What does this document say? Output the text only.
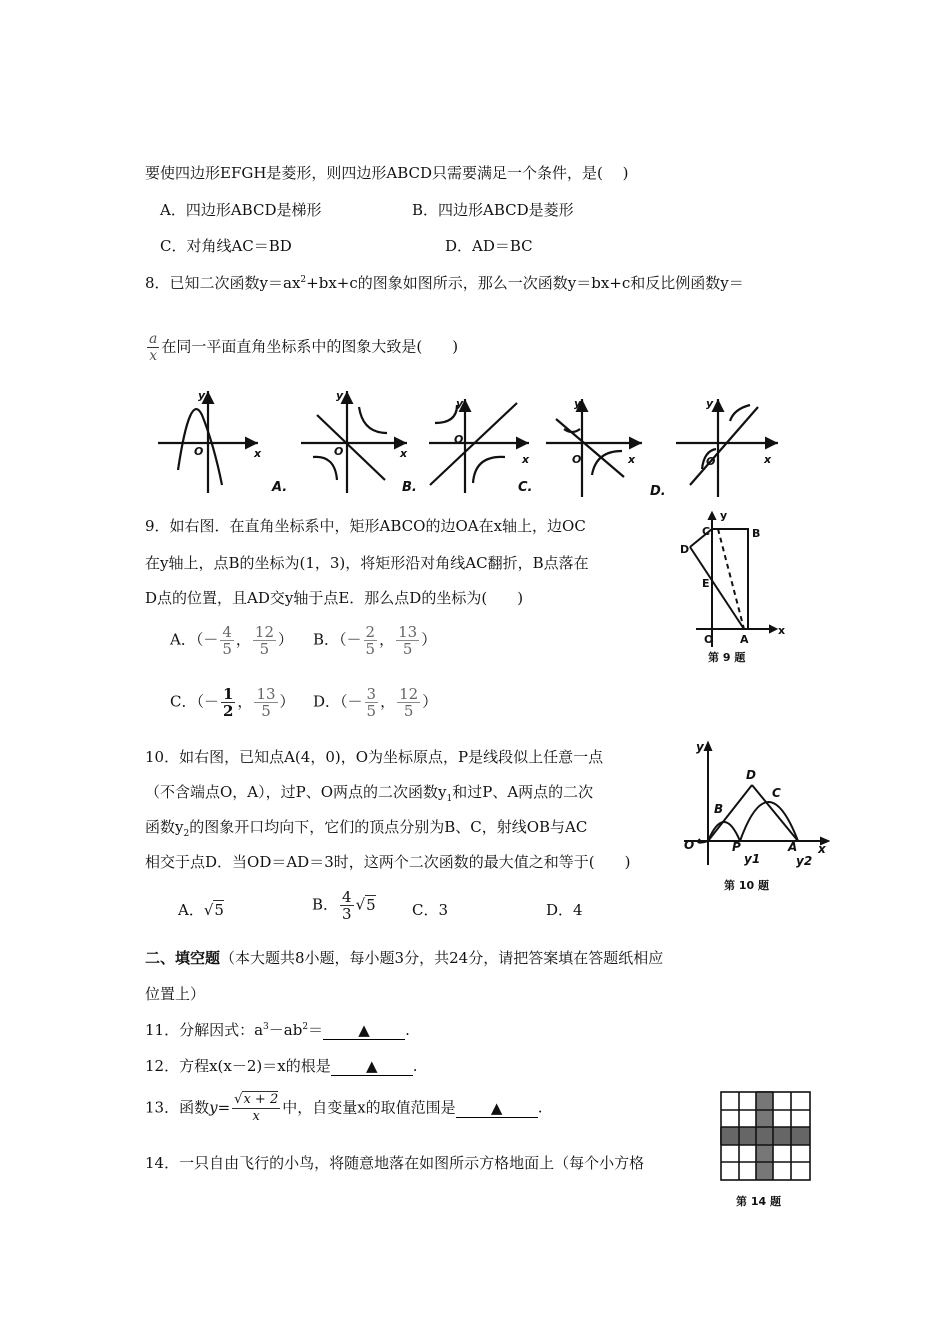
要使四边形EFGH是菱形，则四边形ABCD只需要满足一个条件，是(　 )
A．四边形ABCD是梯形	B．四边形ABCD是菱形
C．对角线AC＝BD	D．AD＝BC
8．已知二次函数$y=ax^2+bx+c$的图象如图所示，那么一次函数y＝bx+c和反比例函数y＝
$\frac{a}{x}$ 在同一平面直角坐标系中的图象大致是(　　)
y
x
O
A.
y
x
O
B.
y
x
O
C.
y
x
O
y
x
O
D.
9．如右图．在直角坐标系中，矩形ABCO的边OA在x轴上，边OC
在y轴上，点B的坐标为(1，3)，将矩形沿对角线AC翻折，B点落在
D点的位置，且AD交y轴于点E．那么点D的坐标为(　　)
A．（－ $\frac{4}{5}$ ， $\frac{12}{5}$ ） B．（－ $\frac{2}{5}$ ， $\frac{13}{5}$ ）
C．（－ $\frac{1}{2}$ ， $\frac{13}{5}$ ） D．（－ $\frac{3}{5}$ ， $\frac{12}{5}$ ）
C	B
D
E
O A
x
y
第 9 题
10．如右图，已知点A(4，0)，O为坐标原点，P是线段似上任意一点
（不含端点O，A），过P、O两点的二次函数$y_1$和过P、A两点的二次
函数$y_2$的图象开口均向下，它们的顶点分别为B、C，射线OB与AC
相交于点D．当OD＝AD＝3时，这两个二次函数的最大值之和等于(　　)
A．√5	B． $\frac{4}{3} √5$ C．3	D．4
y
D
B
C
O	P	A x
y1	y2
第 10 题
二、填空题（本大题共8小题，每小题3分，共24分，请把答案填在答题纸相应
位置上）
11．分解因式：$a^3-ab^2=$ ▲ .
12．方程x(x－2)＝x的根是 ▲ .
13．函数$y= \frac{√x + 2}{x}$ 中，自变量x的取值范围是 ▲ .
14．一只自由飞行的小鸟，将随意地落在如图所示方格地面上（每个小方格
第 14 题
